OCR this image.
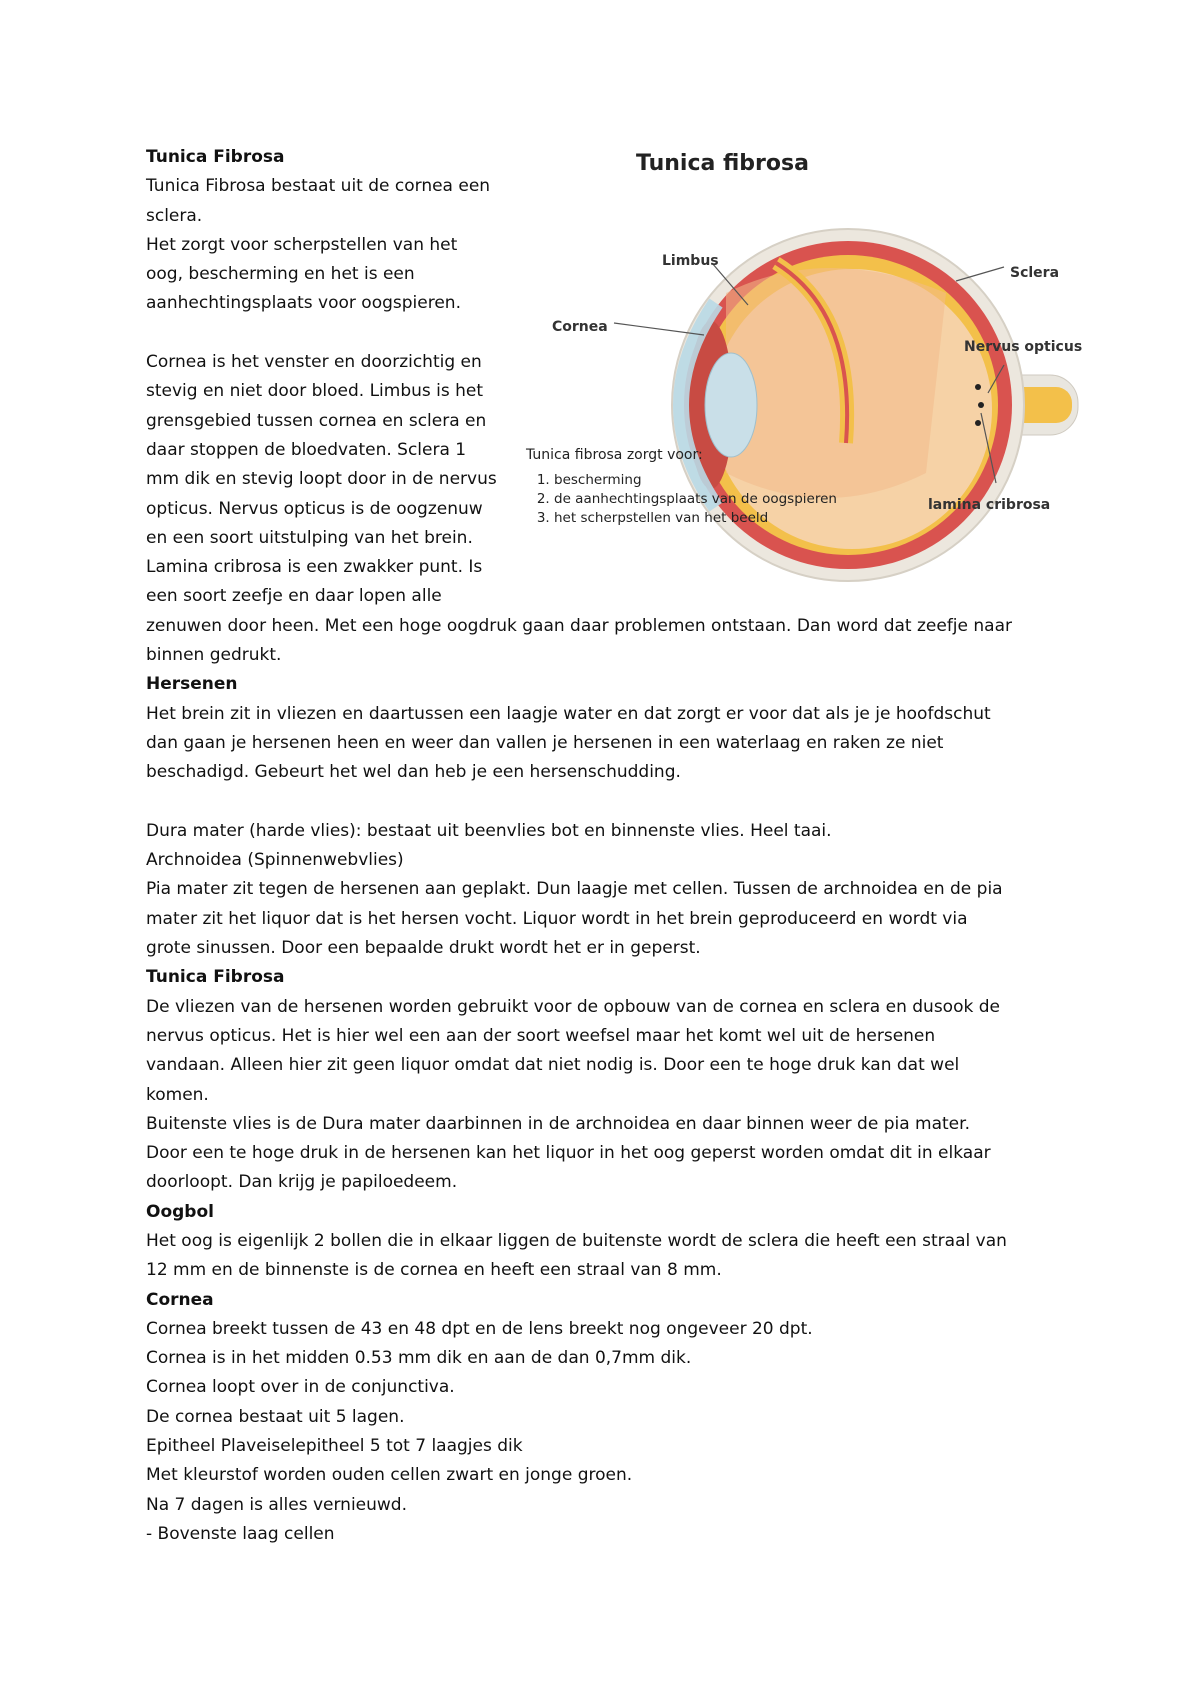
Tunica fibrosa
Limbus
Sclera
Cornea
Nervus opticus
lamina cribrosa
Tunica fibrosa zorgt voor:
1. bescherming
2. de aanhechtingsplaats van de oogspieren
3. het scherpstellen van het beeld

Tunica Fibrosa

Tunica Fibrosa bestaat uit de cornea een
sclera.
Het zorgt voor scherpstellen van het
oog, bescherming en het is een
aanhechtingsplaats voor oogspieren.

Cornea is het venster en doorzichtig en
stevig en niet door bloed. Limbus is het
grensgebied tussen cornea en sclera en
daar stoppen de bloedvaten. Sclera 1
mm dik en stevig loopt door in de nervus
opticus. Nervus opticus is de oogzenuw
en een soort uitstulping van het brein.
Lamina cribrosa is een zwakker punt. Is
een soort zeefje en daar lopen alle

zenuwen door heen. Met een hoge oogdruk gaan daar problemen ontstaan. Dan word dat zeefje naar
binnen gedrukt.

Hersenen

Het brein zit in vliezen en daartussen een laagje water en dat zorgt er voor dat als je je hoofdschut
dan gaan je hersenen heen en weer dan vallen je hersenen in een waterlaag en raken ze niet
beschadigd. Gebeurt het wel dan heb je een hersenschudding.

Dura mater (harde vlies): bestaat uit beenvlies bot en binnenste vlies. Heel taai.
Archnoidea (Spinnenwebvlies)
Pia mater zit tegen de hersenen aan geplakt. Dun laagje met cellen. Tussen de archnoidea en de pia
mater zit het liquor dat is het hersen vocht. Liquor wordt in het brein geproduceerd en wordt via
grote sinussen. Door een bepaalde drukt wordt het er in geperst.

Tunica Fibrosa

De vliezen van de hersenen worden gebruikt voor de opbouw van de cornea en sclera en dusook de
nervus opticus. Het is hier wel een aan der soort weefsel maar het komt wel uit de hersenen
vandaan. Alleen hier zit geen liquor omdat dat niet nodig is. Door een te hoge druk kan dat wel
komen.
Buitenste vlies is de Dura mater daarbinnen in de archnoidea en daar binnen weer de pia mater.
Door een te hoge druk in de hersenen kan het liquor in het oog geperst worden omdat dit in elkaar
doorloopt. Dan krijg je papiloedeem.

Oogbol

Het oog is eigenlijk 2 bollen die in elkaar liggen de buitenste wordt de sclera die heeft een straal van
12 mm en de binnenste is de cornea en heeft een straal van 8 mm.

Cornea

Cornea breekt tussen de 43 en 48 dpt en de lens breekt nog ongeveer 20 dpt.
Cornea is in het midden 0.53 mm dik en aan de dan 0,7mm dik.
Cornea loopt over in de conjunctiva.
De cornea bestaat uit 5 lagen.
Epitheel Plaveiselepitheel 5 tot 7 laagjes dik
Met kleurstof worden ouden cellen zwart en jonge groen.
Na 7 dagen is alles vernieuwd.
- Bovenste laag cellen
